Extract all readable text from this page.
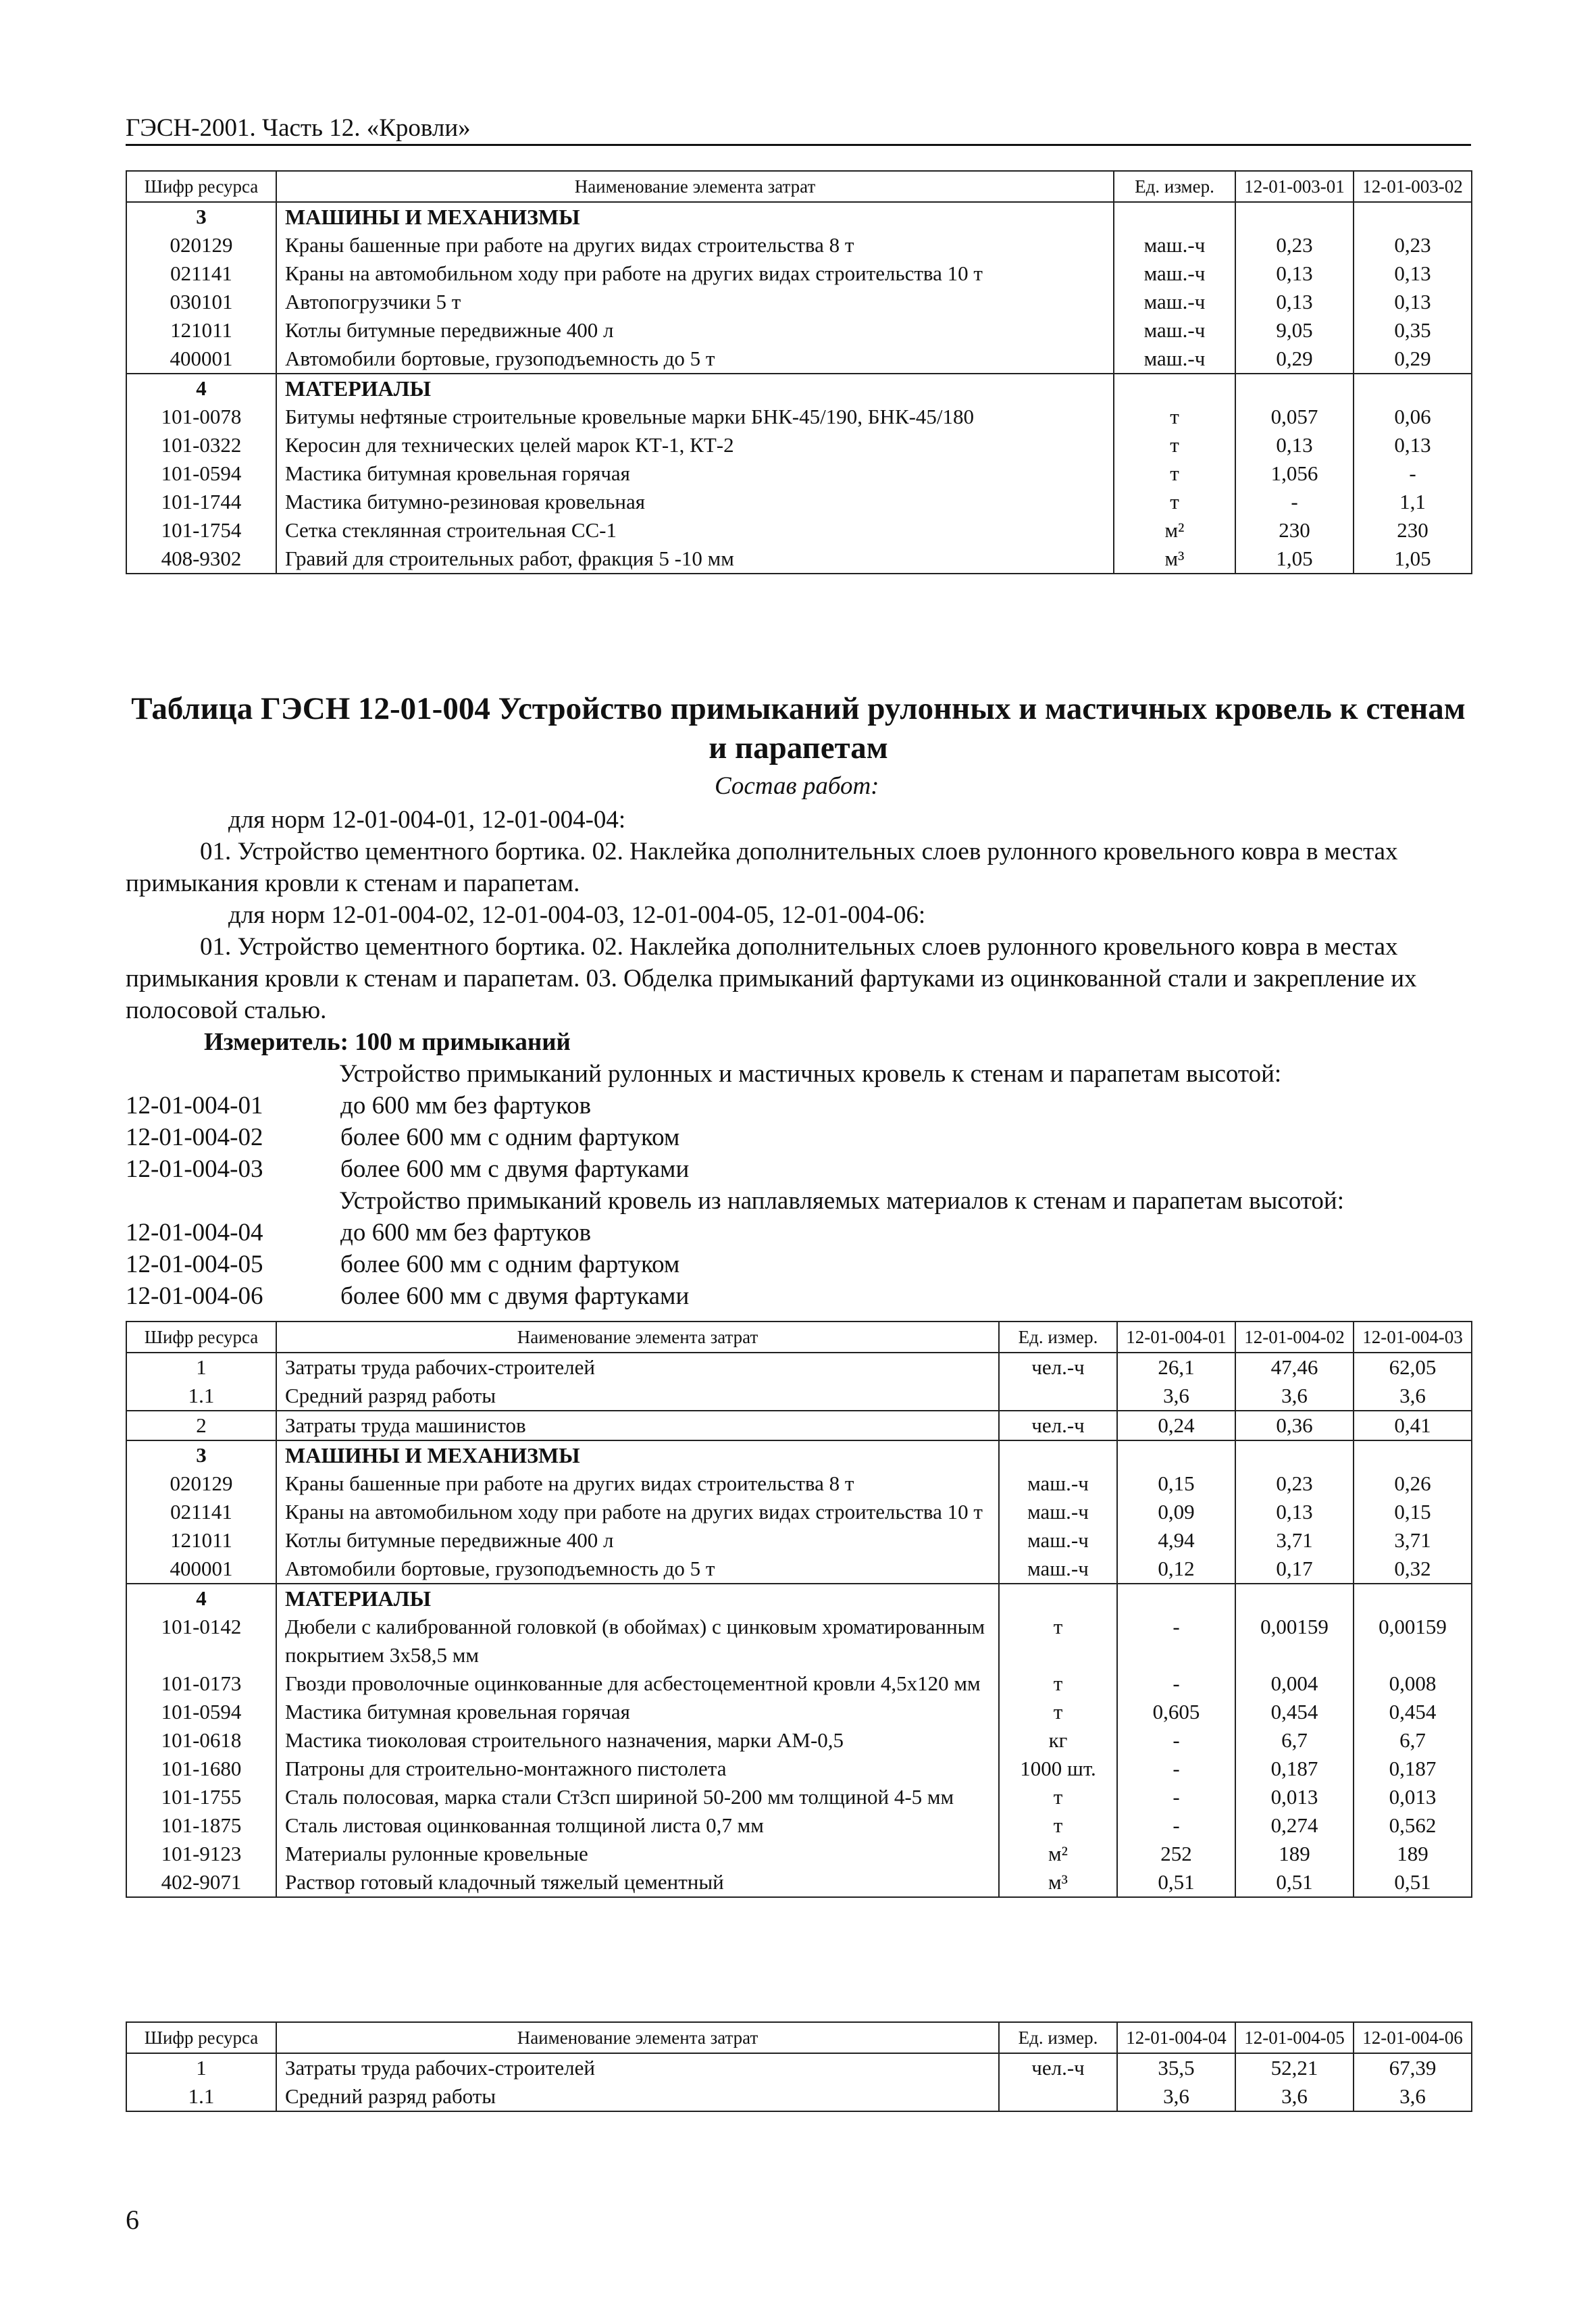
ГЭСН-2001. Часть 12. «Кровли»
Шифр ресурса	Наименование элемента затрат	Ед. измер.	12-01-003-01	12-01-003-02
3	МАШИНЫ И МЕХАНИЗМЫ			
020129	Краны башенные при работе на других видах строительства 8 т	маш.-ч	0,23	0,23
021141	Краны на автомобильном ходу при работе на других видах строительства 10 т	маш.-ч	0,13	0,13
030101	Автопогрузчики 5 т	маш.-ч	0,13	0,13
121011	Котлы битумные передвижные 400 л	маш.-ч	9,05	0,35
400001	Автомобили бортовые, грузоподъемность до 5 т	маш.-ч	0,29	0,29
4	МАТЕРИАЛЫ			
101-0078	Битумы нефтяные строительные кровельные марки БНК-45/190, БНК-45/180	т	0,057	0,06
101-0322	Керосин для технических целей марок КТ-1, КТ-2	т	0,13	0,13
101-0594	Мастика битумная кровельная горячая	т	1,056	-
101-1744	Мастика битумно-резиновая кровельная	т	-	1,1
101-1754	Сетка стеклянная строительная СС-1	м²	230	230
408-9302	Гравий для строительных работ, фракция 5 -10 мм	м³	1,05	1,05
Таблица ГЭСН 12-01-004 Устройство примыканий рулонных и мастичных кровель к стенам и парапетам
Состав работ:

для норм 12-01-004-01, 12-01-004-04:

01. Устройство цементного бортика. 02. Наклейка дополнительных слоев рулонного кровельного ковра в местах примыкания кровли к стенам и парапетам.

для норм 12-01-004-02, 12-01-004-03, 12-01-004-05, 12-01-004-06:

01. Устройство цементного бортика. 02. Наклейка дополнительных слоев рулонного кровельного ковра в местах примыкания кровли к стенам и парапетам. 03. Обделка примыканий фартуками из оцинкованной стали и закрепление их полосовой сталью.

Измеритель: 100 м примыканий

Устройство примыканий рулонных и мастичных кровель к стенам и парапетам высотой:

12-01-004-01	до 600 мм без фартуков
12-01-004-02	более 600 мм с одним фартуком
12-01-004-03	более 600 мм с двумя фартуками

Устройство примыканий кровель из наплавляемых материалов к стенам и парапетам высотой:

12-01-004-04	до 600 мм без фартуков
12-01-004-05	более 600 мм с одним фартуком
12-01-004-06	более 600 мм с двумя фартуками
Шифр ресурса	Наименование элемента затрат	Ед. измер.	12-01-004-01	12-01-004-02	12-01-004-03
1	Затраты труда рабочих-строителей	чел.-ч	26,1	47,46	62,05
1.1	Средний разряд работы		3,6	3,6	3,6
2	Затраты труда машинистов	чел.-ч	0,24	0,36	0,41
3	МАШИНЫ И МЕХАНИЗМЫ				
020129	Краны башенные при работе на других видах строительства 8 т	маш.-ч	0,15	0,23	0,26
021141	Краны на автомобильном ходу при работе на других видах строительства 10 т	маш.-ч	0,09	0,13	0,15
121011	Котлы битумные передвижные 400 л	маш.-ч	4,94	3,71	3,71
400001	Автомобили бортовые, грузоподъемность до 5 т	маш.-ч	0,12	0,17	0,32
4	МАТЕРИАЛЫ				
101-0142	Дюбели с калиброванной головкой (в обоймах) с цинковым хроматированным покрытием 3х58,5 мм	т	-	0,00159	0,00159
101-0173	Гвозди проволочные оцинкованные для асбестоцементной кровли 4,5х120 мм	т	-	0,004	0,008
101-0594	Мастика битумная кровельная горячая	т	0,605	0,454	0,454
101-0618	Мастика тиоколовая строительного назначения, марки АМ-0,5	кг	-	6,7	6,7
101-1680	Патроны для строительно-монтажного пистолета	1000 шт.	-	0,187	0,187
101-1755	Сталь полосовая, марка стали Ст3сп шириной 50-200 мм толщиной 4-5 мм	т	-	0,013	0,013
101-1875	Сталь листовая оцинкованная толщиной листа 0,7 мм	т	-	0,274	0,562
101-9123	Материалы рулонные кровельные	м²	252	189	189
402-9071	Раствор готовый кладочный тяжелый цементный	м³	0,51	0,51	0,51
Шифр ресурса	Наименование элемента затрат	Ед. измер.	12-01-004-04	12-01-004-05	12-01-004-06
1	Затраты труда рабочих-строителей	чел.-ч	35,5	52,21	67,39
1.1	Средний разряд работы		3,6	3,6	3,6
6
